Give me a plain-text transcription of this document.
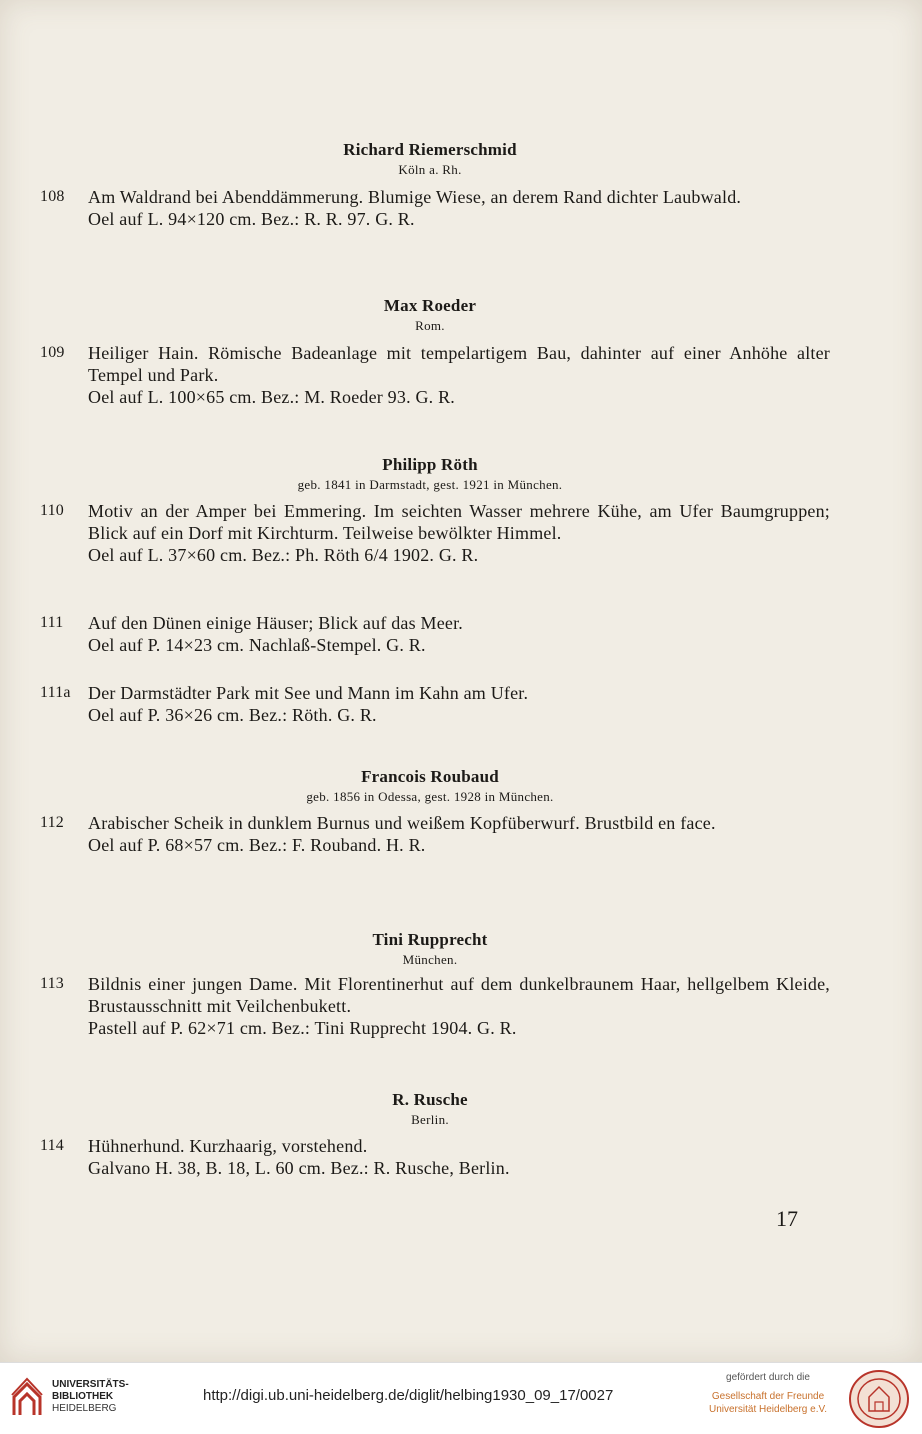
Richard Riemerschmid
Köln a. Rh.
108	Am Waldrand bei Abenddämmerung. Blumige Wiese, an derem Rand dichter Laubwald.
Oel auf L. 94×120 cm. Bez.: R. R. 97. G. R.
Max Roeder
Rom.
109	Heiliger Hain. Römische Badeanlage mit tempelartigem Bau, dahinter auf einer Anhöhe alter Tempel und Park.
Oel auf L. 100×65 cm. Bez.: M. Roeder 93. G. R.
Philipp Röth
geb. 1841 in Darmstadt, gest. 1921 in München.
110	Motiv an der Amper bei Emmering. Im seichten Wasser mehrere Kühe, am Ufer Baumgruppen; Blick auf ein Dorf mit Kirchturm. Teilweise bewölkter Himmel.
Oel auf L. 37×60 cm. Bez.: Ph. Röth 6/4 1902. G. R.
111	Auf den Dünen einige Häuser; Blick auf das Meer.
Oel auf P. 14×23 cm. Nachlaß-Stempel. G. R.
111a Der Darmstädter Park mit See und Mann im Kahn am Ufer.
Oel auf P. 36×26 cm. Bez.: Röth. G. R.
Francois Roubaud
geb. 1856 in Odessa, gest. 1928 in München.
112	Arabischer Scheik in dunklem Burnus und weißem Kopfüberwurf. Brustbild en face.
Oel auf P. 68×57 cm. Bez.: F. Rouband. H. R.
Tini Rupprecht
München.
113	Bildnis einer jungen Dame. Mit Florentinerhut auf dem dunkelbraunem Haar, hellgelbem Kleide, Brustausschnitt mit Veilchenbukett.
Pastell auf P. 62×71 cm. Bez.: Tini Rupprecht 1904. G. R.
R. Rusche
Berlin.
114	Hühnerhund. Kurzhaarig, vorstehend.
Galvano H. 38, B. 18, L. 60 cm. Bez.: R. Rusche, Berlin.
17
UNIVERSITÄTS-
BIBLIOTHEK
HEIDELBERG
http://digi.ub.uni-heidelberg.de/diglit/helbing1930_09_17/0027
gefördert durch die
Gesellschaft der Freunde
Universität Heidelberg e.V.
